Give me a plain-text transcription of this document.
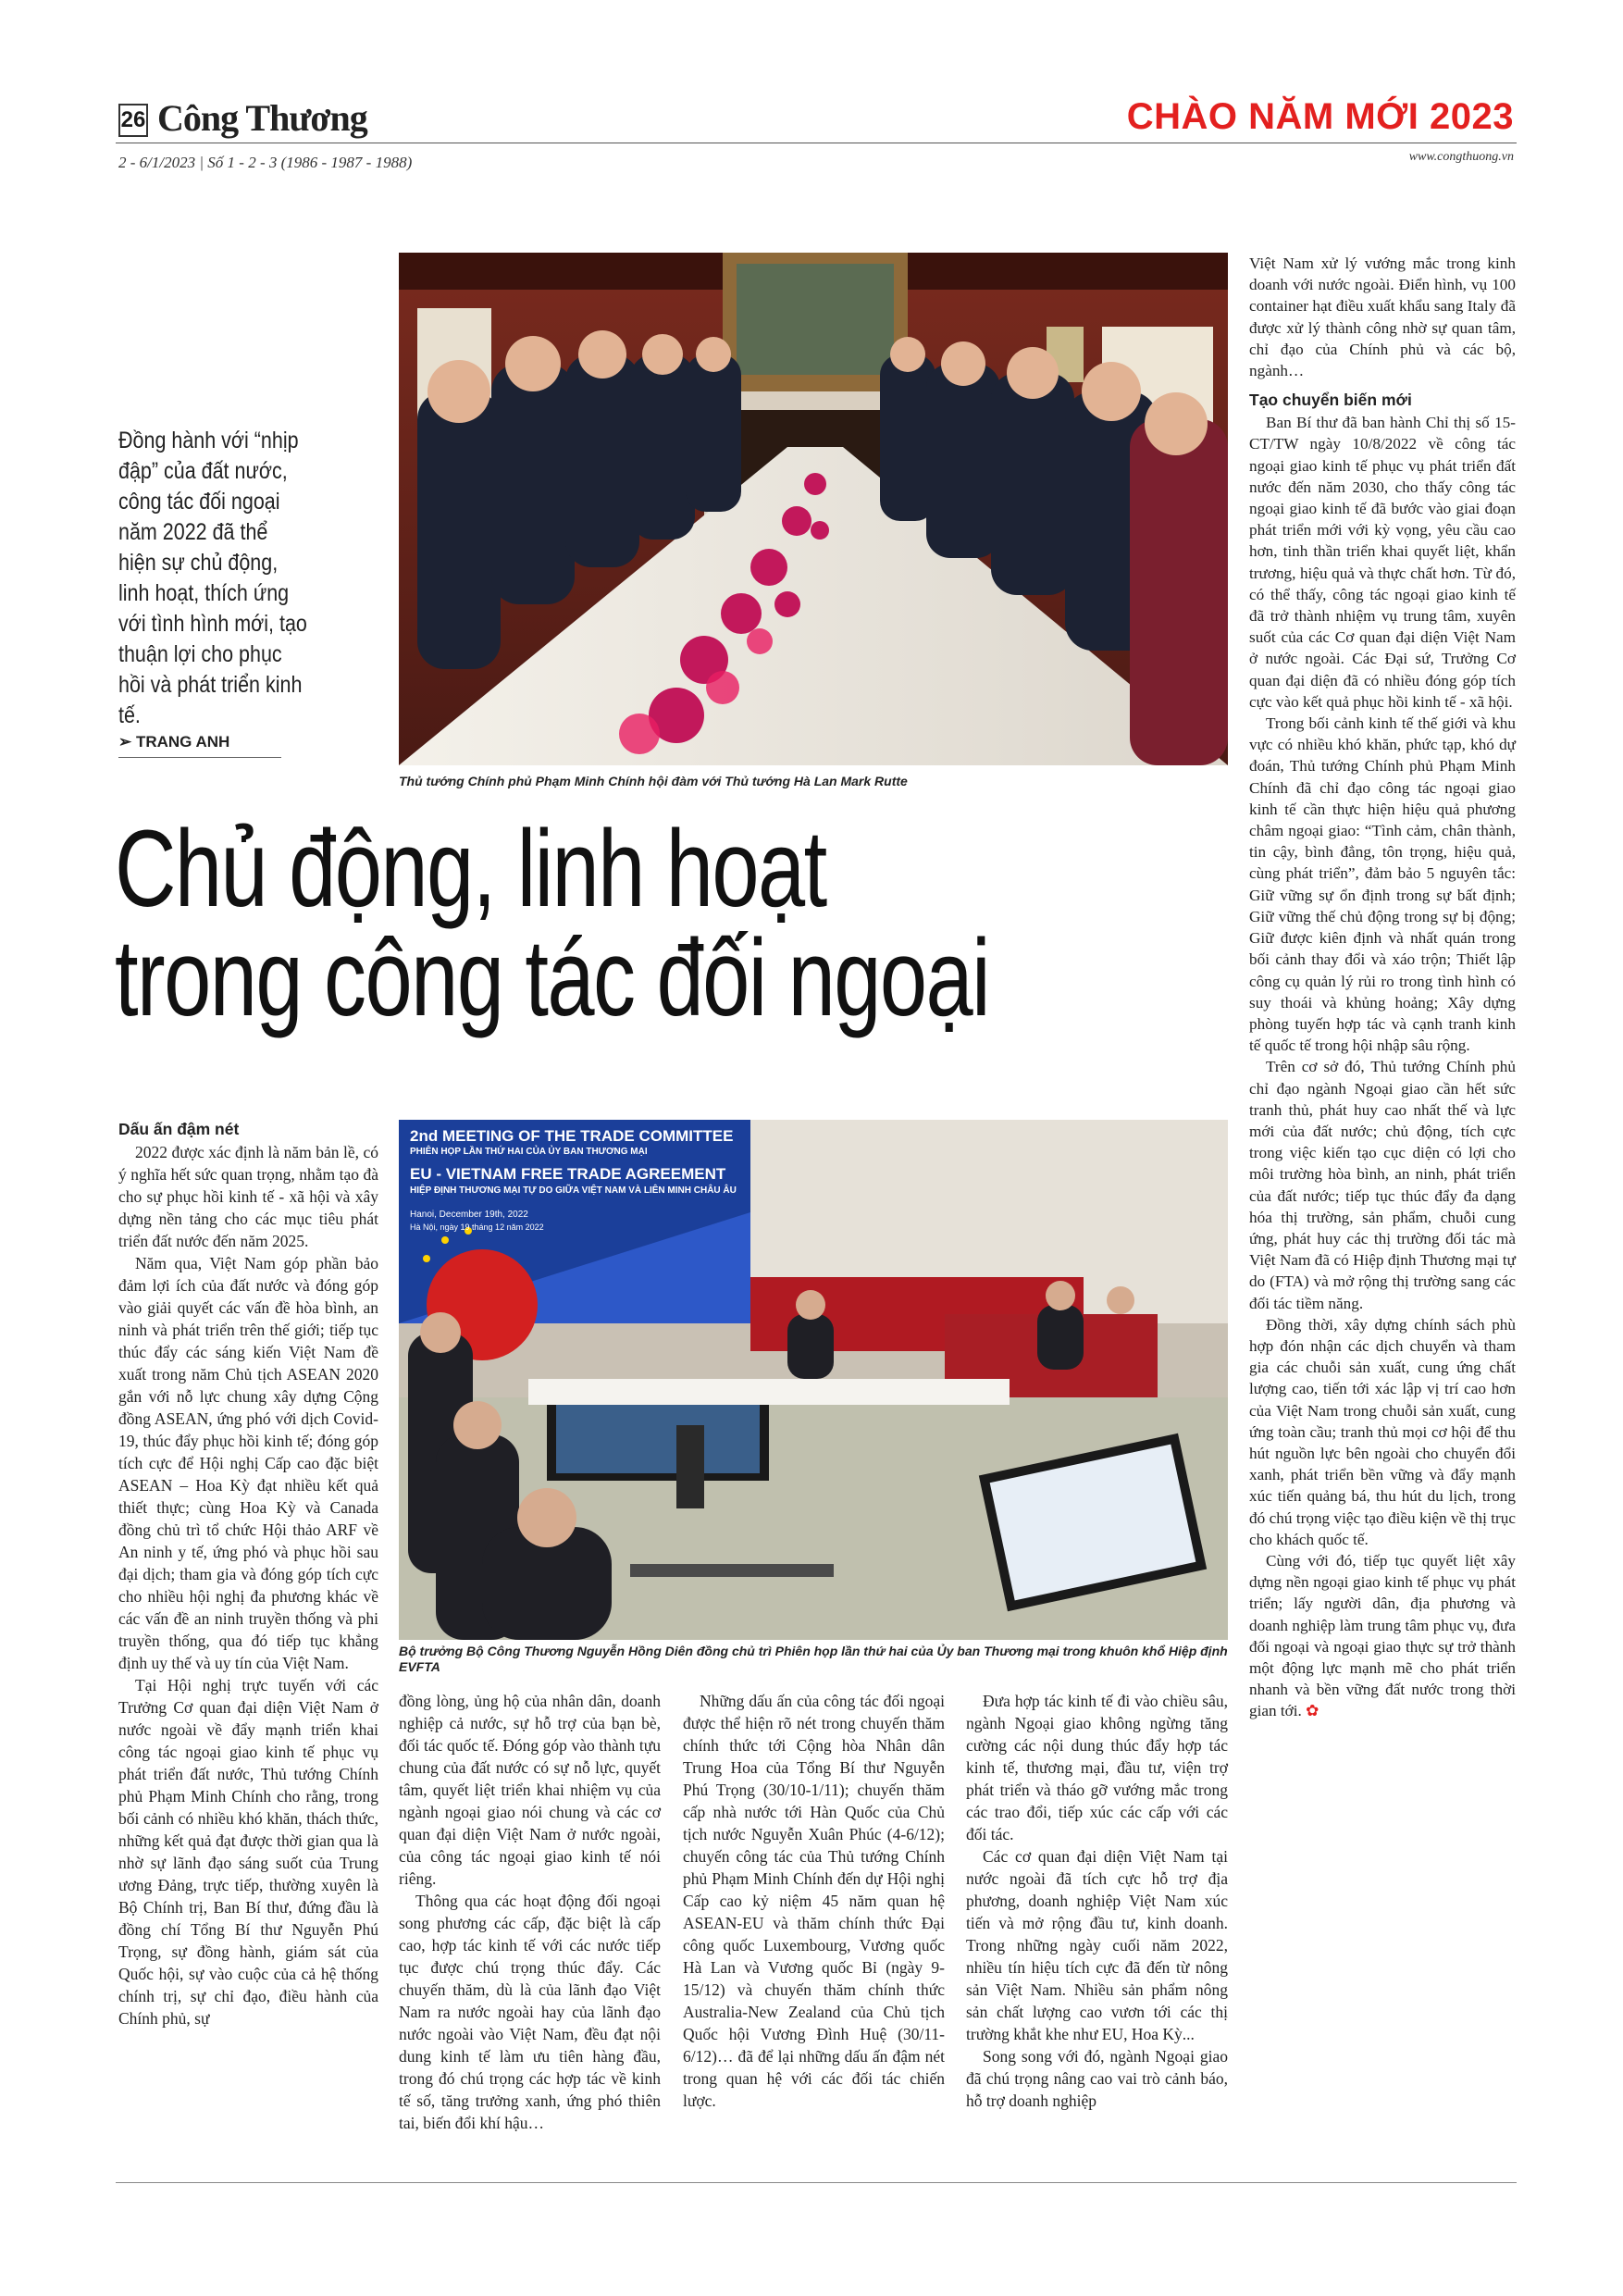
26 Công Thương	CHÀO NĂM MỚI 2023
2 - 6/1/2023 | Số 1 - 2 - 3 (1986 - 1987 - 1988)	www.congthuong.vn
Thủ tướng Chính phủ Phạm Minh Chính hội đàm với Thủ tướng Hà Lan Mark Rutte
Đồng hành với “nhịp đập” của đất nước, công tác đối ngoại năm 2022 đã thể hiện sự chủ động, linh hoạt, thích ứng với tình hình mới, tạo thuận lợi cho phục hồi và phát triển kinh tế.
➢ TRANG ANH
Chủ động, linh hoạt
trong công tác đối ngoại
2nd MEETING OF THE TRADE COMMITTEE
PHIÊN HỌP LẦN THỨ HAI CỦA ỦY BAN THƯƠNG MẠI
EU - VIETNAM FREE TRADE AGREEMENT
HIỆP ĐỊNH THƯƠNG MẠI TỰ DO GIỮA VIỆT NAM VÀ LIÊN MINH CHÂU ÂU
Hanoi, December 19th, 2022
Hà Nội, ngày 19 tháng 12 năm 2022
Bộ trưởng Bộ Công Thương Nguyễn Hồng Diên đồng chủ trì Phiên họp lần thứ hai của Ủy ban Thương mại trong khuôn khổ Hiệp định EVFTA
Dấu ấn đậm nét

2022 được xác định là năm bản lề, có ý nghĩa hết sức quan trọng, nhằm tạo đà cho sự phục hồi kinh tế - xã hội và xây dựng nền tảng cho các mục tiêu phát triển đất nước đến năm 2025.

Năm qua, Việt Nam góp phần bảo đảm lợi ích của đất nước và đóng góp vào giải quyết các vấn đề hòa bình, an ninh và phát triển trên thế giới; tiếp tục thúc đẩy các sáng kiến Việt Nam đề xuất trong năm Chủ tịch ASEAN 2020 gắn với nỗ lực chung xây dựng Cộng đồng ASEAN, ứng phó với dịch Covid-19, thúc đẩy phục hồi kinh tế; đóng góp tích cực để Hội nghị Cấp cao đặc biệt ASEAN – Hoa Kỳ đạt nhiều kết quả thiết thực; cùng Hoa Kỳ và Canada đồng chủ trì tổ chức Hội thảo ARF về An ninh y tế, ứng phó và phục hồi sau đại dịch; tham gia và đóng góp tích cực cho nhiều hội nghị đa phương khác về các vấn đề an ninh truyền thống và phi truyền thống, qua đó tiếp tục khẳng định uy thế và uy tín của Việt Nam.

Tại Hội nghị trực tuyến với các Trưởng Cơ quan đại diện Việt Nam ở nước ngoài về đẩy mạnh triển khai công tác ngoại giao kinh tế phục vụ phát triển đất nước, Thủ tướng Chính phủ Phạm Minh Chính cho rằng, trong bối cảnh có nhiều khó khăn, thách thức, những kết quả đạt được thời gian qua là nhờ sự lãnh đạo sáng suốt của Trung ương Đảng, trực tiếp, thường xuyên là Bộ Chính trị, Ban Bí thư, đứng đầu là đồng chí Tổng Bí thư Nguyễn Phú Trọng, sự đồng hành, giám sát của Quốc hội, sự vào cuộc của cả hệ thống chính trị, sự chỉ đạo, điều hành của Chính phủ, sự

đồng lòng, ủng hộ của nhân dân, doanh nghiệp cả nước, sự hỗ trợ của bạn bè, đối tác quốc tế. Đóng góp vào thành tựu chung của đất nước có sự nỗ lực, quyết tâm, quyết liệt triển khai nhiệm vụ của ngành ngoại giao nói chung và các cơ quan đại diện Việt Nam ở nước ngoài, của công tác ngoại giao kinh tế nói riêng.

Thông qua các hoạt động đối ngoại song phương các cấp, đặc biệt là cấp cao, hợp tác kinh tế với các nước tiếp tục được chú trọng thúc đẩy. Các chuyến thăm, dù là của lãnh đạo Việt Nam ra nước ngoài hay của lãnh đạo nước ngoài vào Việt Nam, đều đạt nội dung kinh tế làm ưu tiên hàng đầu, trong đó chú trọng các hợp tác về kinh tế số, tăng trưởng xanh, ứng phó thiên tai, biến đổi khí hậu…

Những dấu ấn của công tác đối ngoại được thể hiện rõ nét trong chuyến thăm chính thức tới Cộng hòa Nhân dân Trung Hoa của Tổng Bí thư Nguyễn Phú Trọng (30/10-1/11); chuyến thăm cấp nhà nước tới Hàn Quốc của Chủ tịch nước Nguyễn Xuân Phúc (4-6/12); chuyến công tác của Thủ tướng Chính phủ Phạm Minh Chính đến dự Hội nghị Cấp cao kỷ niệm 45 năm quan hệ ASEAN-EU và thăm chính thức Đại công quốc Luxembourg, Vương quốc Hà Lan và Vương quốc Bỉ (ngày 9-15/12) và chuyến thăm chính thức Australia-New Zealand của Chủ tịch Quốc hội Vương Đình Huệ (30/11-6/12)… đã để lại những dấu ấn đậm nét trong quan hệ với các đối tác chiến lược.

Đưa hợp tác kinh tế đi vào chiều sâu, ngành Ngoại giao không ngừng tăng cường các nội dung thúc đẩy hợp tác kinh tế, thương mại, đầu tư, viện trợ phát triển và tháo gỡ vướng mắc trong các trao đổi, tiếp xúc các cấp với các đối tác.

Các cơ quan đại diện Việt Nam tại nước ngoài đã tích cực hỗ trợ địa phương, doanh nghiệp Việt Nam xúc tiến và mở rộng đầu tư, kinh doanh. Trong những ngày cuối năm 2022, nhiều tín hiệu tích cực đã đến từ nông sản Việt Nam. Nhiều sản phẩm nông sản chất lượng cao vươn tới các thị trường khắt khe như EU, Hoa Kỳ...

Song song với đó, ngành Ngoại giao đã chú trọng nâng cao vai trò cảnh báo, hỗ trợ doanh nghiệp

Việt Nam xử lý vướng mắc trong kinh doanh với nước ngoài. Điển hình, vụ 100 container hạt điều xuất khẩu sang Italy đã được xử lý thành công nhờ sự quan tâm, chỉ đạo của Chính phủ và các bộ, ngành…

Tạo chuyển biến mới

Ban Bí thư đã ban hành Chỉ thị số 15-CT/TW ngày 10/8/2022 về công tác ngoại giao kinh tế phục vụ phát triển đất nước đến năm 2030, cho thấy công tác ngoại giao kinh tế đã bước vào giai đoạn phát triển mới với kỳ vọng, yêu cầu cao hơn, tinh thần triển khai quyết liệt, khẩn trương, hiệu quả và thực chất hơn. Từ đó, có thể thấy, công tác ngoại giao kinh tế đã trở thành nhiệm vụ trung tâm, xuyên suốt của các Cơ quan đại diện Việt Nam ở nước ngoài. Các Đại sứ, Trưởng Cơ quan đại diện đã có nhiều đóng góp tích cực vào kết quả phục hồi kinh tế - xã hội.

Trong bối cảnh kinh tế thế giới và khu vực có nhiều khó khăn, phức tạp, khó dự đoán, Thủ tướng Chính phủ Phạm Minh Chính đã chỉ đạo công tác ngoại giao kinh tế cần thực hiện hiệu quả phương châm ngoại giao: “Tình cảm, chân thành, tin cậy, bình đẳng, tôn trọng, hiệu quả, cùng phát triển”, đảm bảo 5 nguyên tắc: Giữ vững sự ổn định trong sự bất định; Giữ vững thế chủ động trong sự bị động; Giữ được kiên định và nhất quán trong bối cảnh thay đổi và xáo trộn; Thiết lập công cụ quản lý rủi ro trong tình hình có suy thoái và khủng hoảng; Xây dựng phòng tuyến hợp tác và cạnh tranh kinh tế quốc tế trong hội nhập sâu rộng.

Trên cơ sở đó, Thủ tướng Chính phủ chỉ đạo ngành Ngoại giao cần hết sức tranh thủ, phát huy cao nhất thế và lực mới của đất nước; chủ động, tích cực trong việc kiến tạo cục diện có lợi cho môi trường hòa bình, an ninh, phát triển của đất nước; tiếp tục thúc đẩy đa dạng hóa thị trường, sản phẩm, chuỗi cung ứng, phát huy các thị trường đối tác mà Việt Nam đã có Hiệp định Thương mại tự do (FTA) và mở rộng thị trường sang các đối tác tiềm năng.

Đồng thời, xây dựng chính sách phù hợp đón nhận các dịch chuyển và tham gia các chuỗi sản xuất, cung ứng chất lượng cao, tiến tới xác lập vị trí cao hơn của Việt Nam trong chuỗi sản xuất, cung ứng toàn cầu; tranh thủ mọi cơ hội để thu hút nguồn lực bên ngoài cho chuyển đổi xanh, phát triển bền vững và đẩy mạnh xúc tiến quảng bá, thu hút du lịch, trong đó chú trọng việc tạo điều kiện về thị trục cho khách quốc tế.

Cùng với đó, tiếp tục quyết liệt xây dựng nền ngoại giao kinh tế phục vụ phát triển; lấy người dân, địa phương và doanh nghiệp làm trung tâm phục vụ, đưa đối ngoại và ngoại giao thực sự trở thành một động lực mạnh mẽ cho phát triển nhanh và bền vững đất nước trong thời gian tới. ✿
